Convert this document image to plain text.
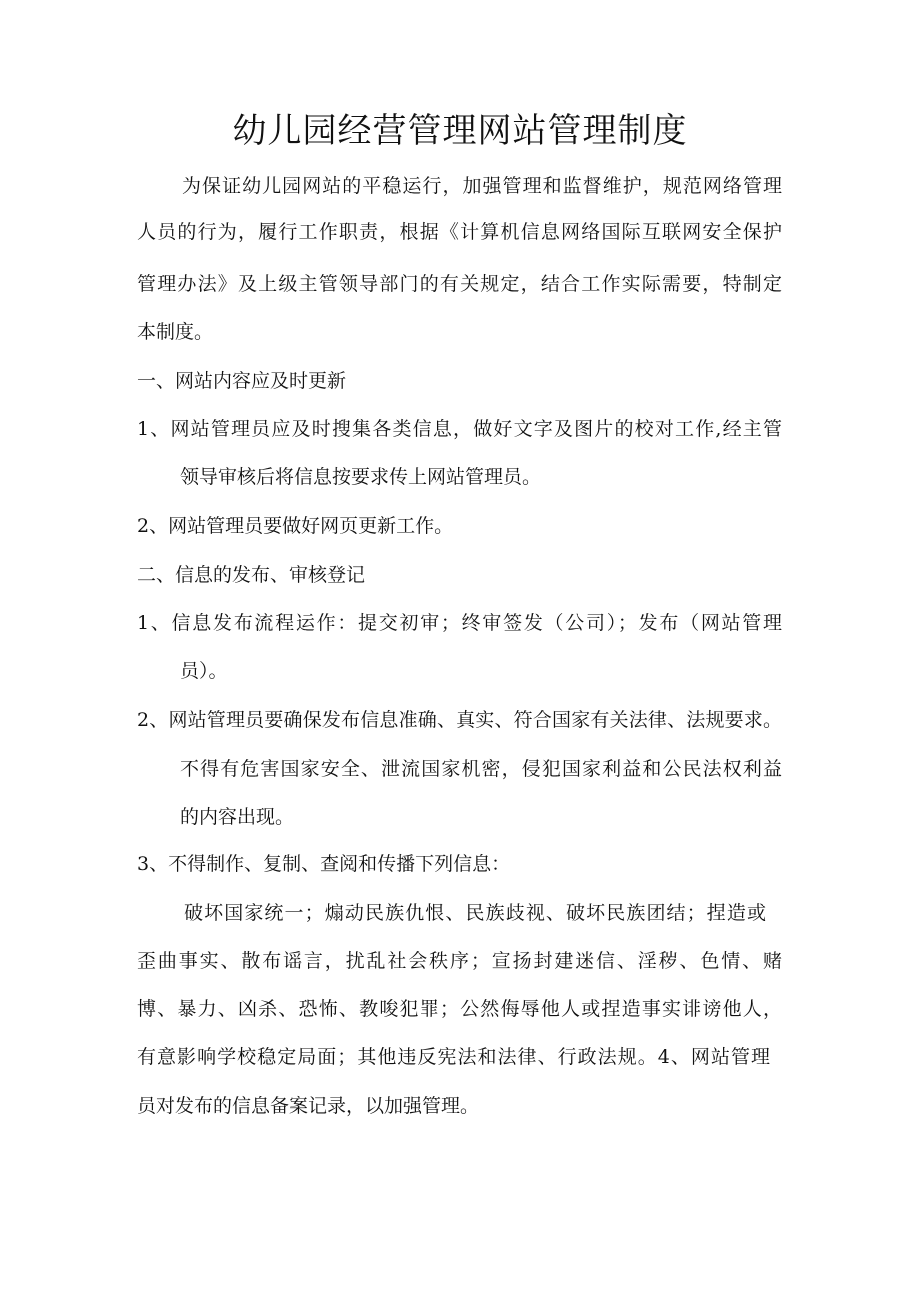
幼儿园经营管理网站管理制度
为保证幼儿园网站的平稳运行，加强管理和监督维护，规范网络管理
人员的行为，履行工作职责，根据《计算机信息网络国际互联网安全保护
管理办法》及上级主管领导部门的有关规定，结合工作实际需要，特制定
本制度。
一、网站内容应及时更新
1、网站管理员应及时搜集各类信息，做好文字及图片的校对工作,经主管
领导审核后将信息按要求传上网站管理员。
2、网站管理员要做好网页更新工作。
二、信息的发布、审核登记
1、信息发布流程运作：提交初审；终审签发（公司）；发布（网站管理
员）。
2、网站管理员要确保发布信息准确、真实、符合国家有关法律、法规要求。
不得有危害国家安全、泄流国家机密，侵犯国家利益和公民法权利益
的内容出现。
3、不得制作、复制、查阅和传播下列信息：
破坏国家统一；煽动民族仇恨、民族歧视、破坏民族团结；捏造或
歪曲事实、散布谣言，扰乱社会秩序；宣扬封建迷信、淫秽、色情、赌
博、暴力、凶杀、恐怖、教唆犯罪；公然侮辱他人或捏造事实诽谤他人，
有意影响学校稳定局面；其他违反宪法和法律、行政法规。4、网站管理
员对发布的信息备案记录，以加强管理。
